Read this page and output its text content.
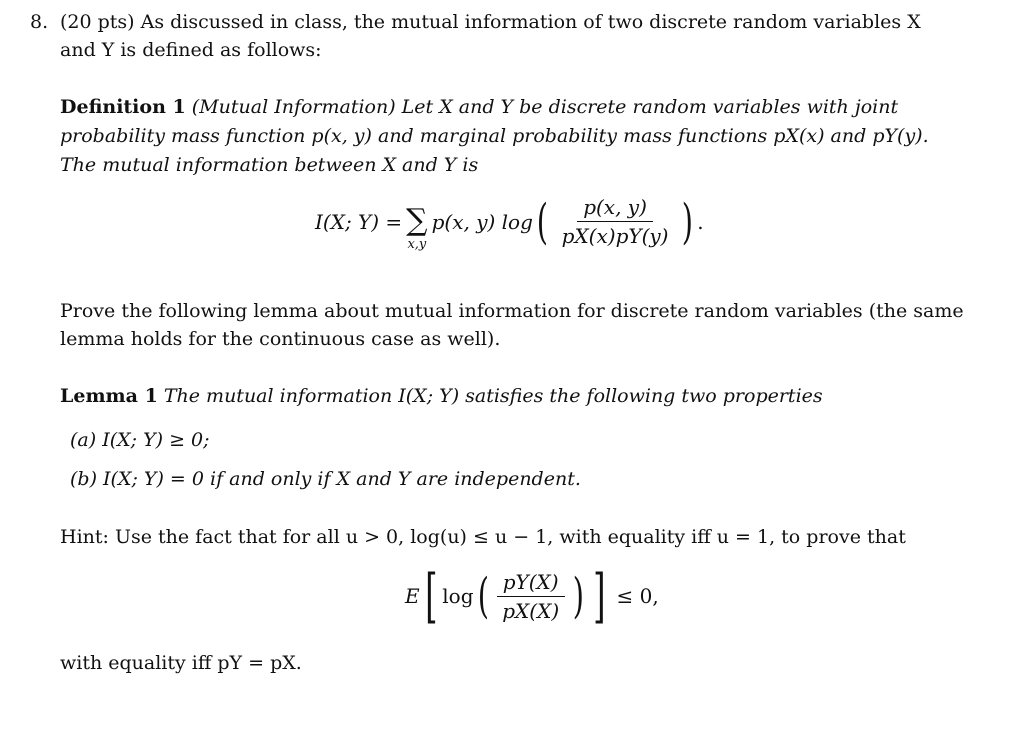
8. (20 pts) As discussed in class, the mutual information of two discrete random variables X
and Y is defined as follows:
Definition 1 (Mutual Information) Let X and Y be discrete random variables with joint
probability mass function p(x, y) and marginal probability mass functions pX(x) and pY(y).
The mutual information between X and Y is
I(X; Y) = ∑
x,y
p(x, y) log ( $\frac{p(x, y)}{pX(x)pY(y)}$ ) .
Prove the following lemma about mutual information for discrete random variables (the same
lemma holds for the continuous case as well).
Lemma 1 The mutual information I(X; Y) satisfies the following two properties
(a) I(X; Y) ≥ 0;
(b) I(X; Y) = 0 if and only if X and Y are independent.
Hint: Use the fact that for all u > 0, log(u) ≤ u − 1, with equality iff u = 1, to prove that
E [ log ( $\frac{pY(X)}{pX(X)}$ ) ] ≤ 0,
with equality iff pY = pX.
